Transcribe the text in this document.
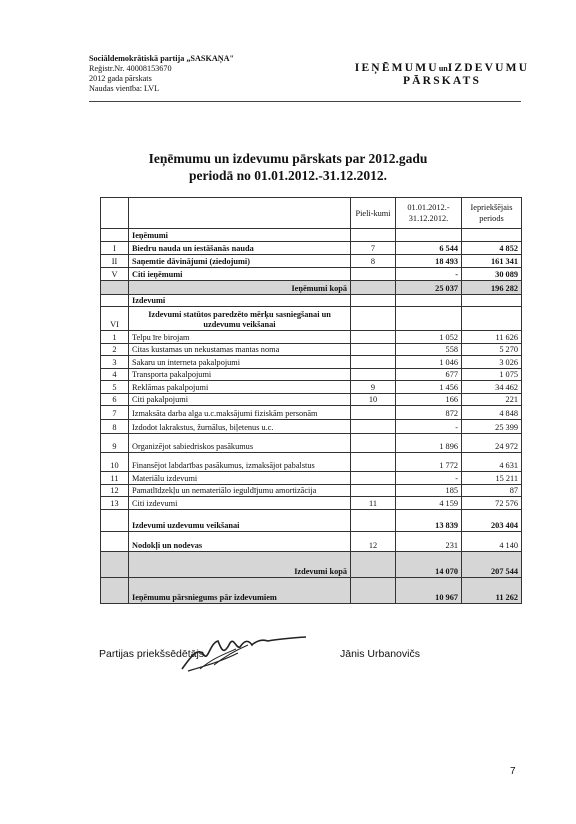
Sociāldemokrātiskā partija „SASKAŅA"
Reģistr.Nr. 40008153670
2012 gada pārskats
Naudas vienība: LVL
IEŅĒMUMUunIZDEVUMU
PĀRSKATS
Ieņēmumu un izdevumu pārskats par 2012.gadu
periodā no 01.01.2012.-31.12.2012.
		Pieli-kumi	01.01.2012.- 31.12.2012.	Iepriekšējais periods
	Ieņēmumi			
I	Biedru nauda un iestāšanās nauda	7	6 544	4 852
II	Saņemtie dāvinājumi (ziedojumi)	8	18 493	161 341
V	Citi ieņēmumi		-	30 089
	Ieņēmumi kopā		25 037	196 282
	Izdevumi			
VI	Izdevumi statūtos paredzēto mērķu sasniegšanai un uzdevumu veikšanai			
1	Telpu īre birojam		1 052	11 626
2	Citas kustamas un nekustamas mantas noma		558	5 270
3	Sakaru un interneta pakalpojumi		1 046	3 026
4	Transporta pakalpojumi		677	1 075
5	Reklāmas pakalpojumi	9	1 456	34 462
6	Citi pakalpojumi	10	166	221
7	Izmaksāta darba alga u.c.maksājumi fiziskām personām		872	4 848
8	Izdodot lakrakstus, žurnālus, biļetenus u.c.		-	25 399
9	Organizējot sabiedriskos pasākumus		1 896	24 972
10	Finansējot labdarības pasākumus, izmaksājot pabalstus		1 772	4 631
11	Materiālu izdevumi		-	15 211
12	Pamatlīdzekļu un nemateriālo ieguldījumu amortizācija		185	87
13	Citi izdevumi	11	4 159	72 576
	Izdevumi uzdevumu veikšanai		13 839	203 404
	Nodokļi un nodevas	12	231	4 140
	Izdevumi kopā		14 070	207 544
	Ieņēmumu pārsniegums pār izdevumiem		10 967	11 262
Partijas priekšsēdētājs	Jānis Urbanovičs
7
